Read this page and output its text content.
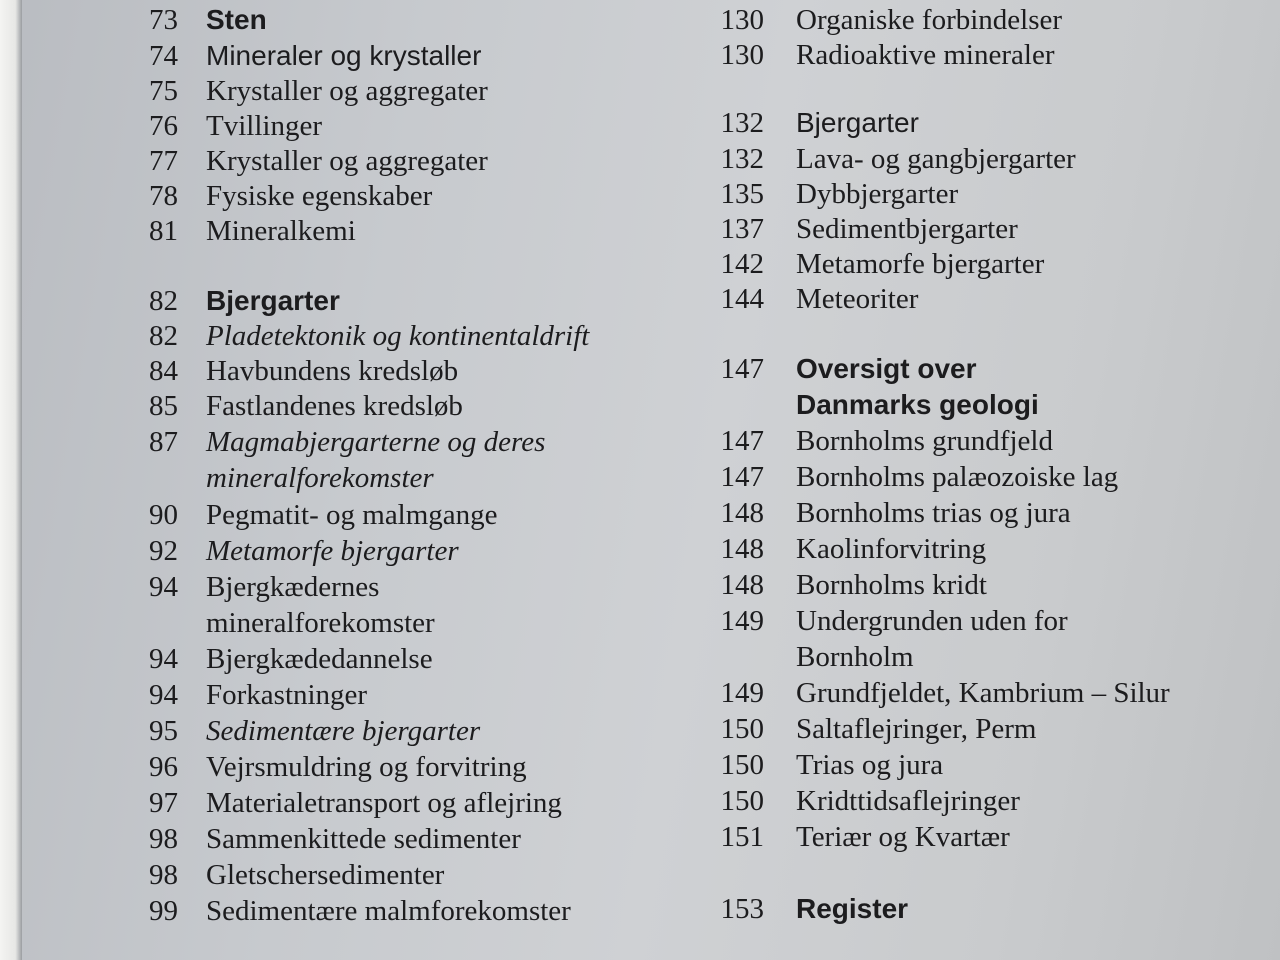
73 Sten
74 Mineraler og krystaller
75 Krystaller og aggregater
76 Tvillinger
77 Krystaller og aggregater
78 Fysiske egenskaber
81 Mineralkemi
82 Bjergarter
82 Pladetektonik og kontinentaldrift
84 Havbundens kredsløb
85 Fastlandenes kredsløb
87 Magmabjergarterne og deres
mineralforekomster
90 Pegmatit- og malmgange
92 Metamorfe bjergarter
94 Bjergkædernes
mineralforekomster
94 Bjergkædedannelse
94 Forkastninger
95 Sedimentære bjergarter
96 Vejrsmuldring og forvitring
97 Materialetransport og aflejring
98 Sammenkittede sedimenter
98 Gletschersedimenter
99 Sedimentære malmforekomster
130 Organiske forbindelser
130 Radioaktive mineraler
132 Bjergarter
132 Lava- og gangbjergarter
135 Dybbjergarter
137 Sedimentbjergarter
142 Metamorfe bjergarter
144 Meteoriter
147 Oversigt over
Danmarks geologi
147 Bornholms grundfjeld
147 Bornholms palæozoiske lag
148 Bornholms trias og jura
148 Kaolinforvitring
148 Bornholms kridt
149 Undergrunden uden for
Bornholm
149 Grundfjeldet, Kambrium – Silur
150 Saltaflejringer, Perm
150 Trias og jura
150 Kridttidsaflejringer
151 Teriær og Kvartær
153 Register
